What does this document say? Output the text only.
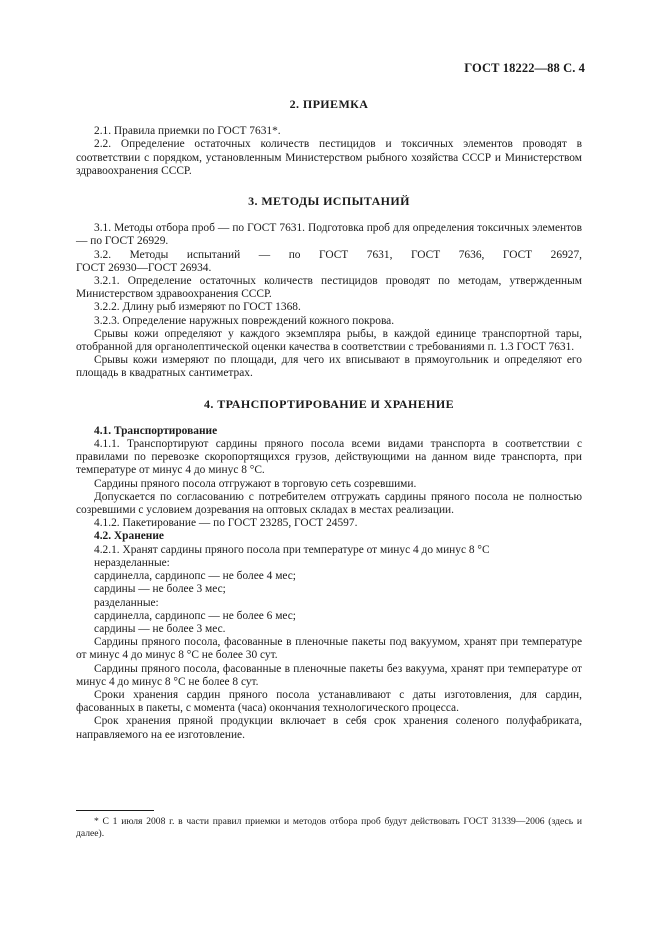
ГОСТ 18222—88 С. 4
2. ПРИЕМКА

2.1. Правила приемки по ГОСТ 7631*.

2.2. Определение остаточных количеств пестицидов и токсичных элементов проводят в соответствии с порядком, установленным Министерством рыбного хозяйства СССР и Министерством здравоохранения СССР.

3. МЕТОДЫ ИСПЫТАНИЙ

3.1. Методы отбора проб — по ГОСТ 7631. Подготовка проб для определения токсичных элементов — по ГОСТ 26929.

3.2. Методы испытаний — по ГОСТ 7631, ГОСТ 7636, ГОСТ 26927,

ГОСТ 26930—ГОСТ 26934.

3.2.1. Определение остаточных количеств пестицидов проводят по методам, утвержденным Министерством здравоохранения СССР.

3.2.2. Длину рыб измеряют по ГОСТ 1368.

3.2.3. Определение наружных повреждений кожного покрова.

Срывы кожи определяют у каждого экземпляра рыбы, в каждой единице транспортной тары, отобранной для органолептической оценки качества в соответствии с требованиями п. 1.3 ГОСТ 7631.

Срывы кожи измеряют по площади, для чего их вписывают в прямоугольник и определяют его площадь в квадратных сантиметрах.

4. ТРАНСПОРТИРОВАНИЕ И ХРАНЕНИЕ

4.1. Транспортирование

4.1.1. Транспортируют сардины пряного посола всеми видами транспорта в соответствии с правилами по перевозке скоропортящихся грузов, действующими на данном виде транспорта, при температуре от минус 4 до минус 8 °С.

Сардины пряного посола отгружают в торговую сеть созревшими.

Допускается по согласованию с потребителем отгружать сардины пряного посола не полностью созревшими с условием дозревания на оптовых складах в местах реализации.

4.1.2. Пакетирование — по ГОСТ 23285, ГОСТ 24597.

4.2. Хранение

4.2.1. Хранят сардины пряного посола при температуре от минус 4 до минус 8 °С

неразделанные:

сардинелла, сардинопс — не более 4 мес;

сардины — не более 3 мес;

разделанные:

сардинелла, сардинопс — не более 6 мес;

сардины — не более 3 мес.

Сардины пряного посола, фасованные в пленочные пакеты под вакуумом, хранят при температуре от минус 4 до минус 8 °С не более 30 сут.

Сардины пряного посола, фасованные в пленочные пакеты без вакуума, хранят при температуре от минус 4 до минус 8 °С не более 8 сут.

Сроки хранения сардин пряного посола устанавливают с даты изготовления, для сардин, фасованных в пакеты, с момента (часа) окончания технологического процесса.

Срок хранения пряной продукции включает в себя срок хранения соленого полуфабриката, направляемого на ее изготовление.

* С 1 июля 2008 г. в части правил приемки и методов отбора проб будут действовать ГОСТ 31339—2006 (здесь и далее).
